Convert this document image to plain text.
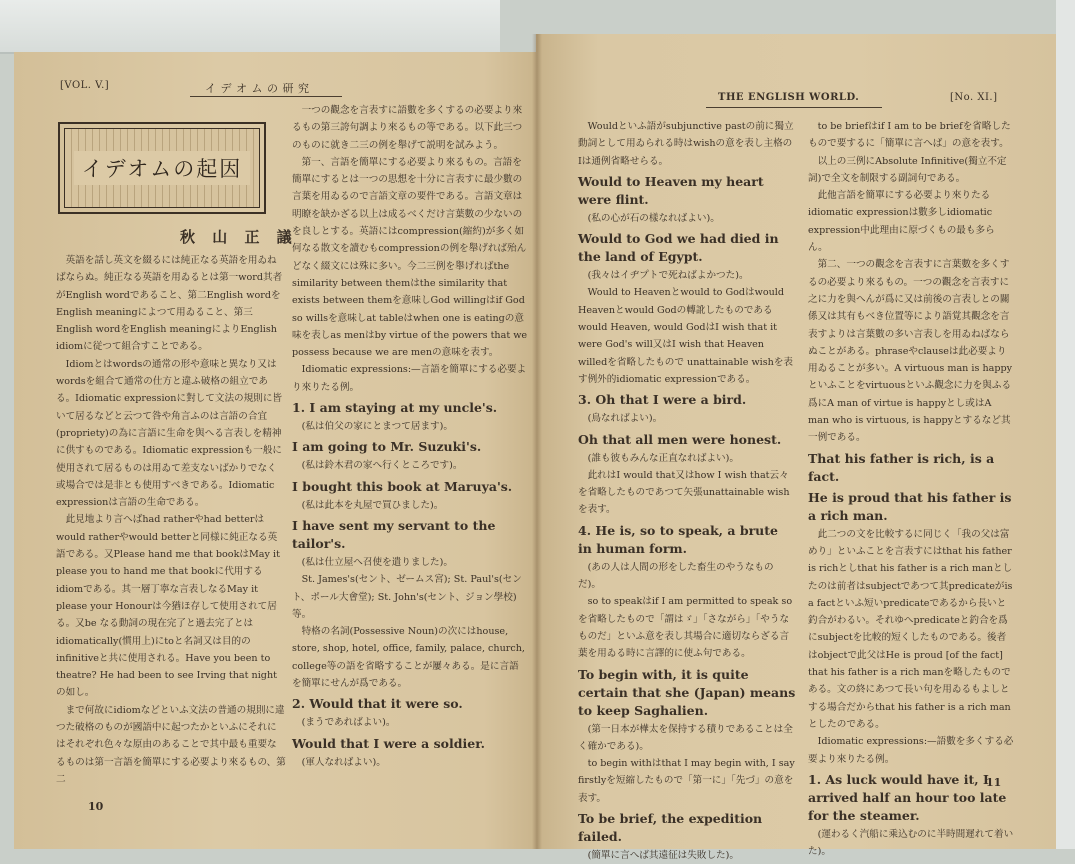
[VOL. V.]	イ デ オ ム の 研 究
イデオムの起因
秋 山 正 議

英語を話し英文を綴るには純正なる英語を用ゐねばならぬ。純正なる英語を用ゐるとは第一word其者がEnglish wordであること、第二English wordをEnglish meaningによつて用ゐること、第三English wordをEnglish meaningによりEnglish idiomに従つて組合すことである。

Idiomとはwordsの通常の形や意味と異なり又はwordsを組合て通常の仕方と違ふ破格の組立である。Idiomatic expressionに對して文法の規則に皆いて居るなどと云つて咎や角言ふのは言語の合宜(propriety)の為に言語に生命を與へる言表しを精神に供すものである。Idiomatic expressionも一般に使用されて居るものは用ゐて差支ないばかりでなく或場合では是非とも使用すべきである。Idiomatic expressionは言語の生命である。

此見地より言へばhad ratherやhad betterはwould ratherやwould betterと同様に純正なる英語である。又Please hand me that bookはMay it please you to hand me that bookに代用するidiomである。其一層丁寧な言表しなるMay it please your Honourは今猶ほ存して使用されて居る。又be なる動詞の現在完了と過去完了とはidiomatically(慣用上)にtoと名詞又は目的のinfinitiveと共に使用される。Have you been to theatre? He had been to see Irving that nightの如し。

まで何故にidiomなどといふ文法の普通の規則に違つた破格のものが國語中に起つたかといふにそれにはそれぞれ色々な原由のあることで其中最も重要なるものは第一言語を簡單にする必要より來るもの、第二

一つの觀念を言表すに語數を多くするの必要より來るもの第三誇句調より來るもの等である。以下此三つのものに就き二三の例を舉げて説明を試みよう。

第一、言語を簡單にする必要より來るもの。言語を簡單にするとは一つの思想を十分に言表すに最少數の言葉を用ゐるので言語文章の要件である。言語文章は明瞭を缺かざる以上は成るべくだけ言葉數の少ないのを良しとする。英語にはcompression(縮約)が多く如何なる散文を讀むもcompressionの例を舉げれば殆んどなく綴文には殊に多い。今二三例を舉げればthe similarity between themはthe similarity that exists between themを意味しGod willingはif God so willsを意味しat tableはwhen one is eatingの意味を表しas menはby virtue of the powers that we possess because we are menの意味を表す。

Idiomatic expressions:—言語を簡單にする必要より來りたる例。

1. I am staying at my uncle's.

(私は伯父の家にとまつて居ます)。

I am going to Mr. Suzuki's.

(私は鈴木君の家へ行くところです)。

I bought this book at Maruya's.

(私は此本を丸屋で買ひました)。

I have sent my servant to the tailor's.

(私は仕立屋へ召使を遣りました)。

St. James's(セント、ゼームス宮); St. Paul's(セント、ポール大會堂); St. John's(セント、ジョン學校)等。

特格の名詞(Possessive Noun)の次にはhouse, store, shop, hotel, office, family, palace, church, college等の語を省略することが屢々ある。是に言語を簡單にせんが爲である。

2. Would that it were so.

(まうであればよい)。

Would that I were a soldier.

(軍人なればよい)。

10
THE ENGLISH WORLD.	[No. XI.]

Wouldといふ語がsubjunctive pastの前に獨立動詞として用ゐられる時はwishの意を表し主格のIは通例省略せらる。

Would to Heaven my heart were flint.

(私の心が石の樣なればよい)。

Would to God we had died in the land of Egypt.

(我々はイヂプトで死ねばよかつた)。

Would to Heavenとwould to Godはwould Heavenとwould Godの轉訛したものであるwould Heaven, would GodはI wish that it were God's will又はI wish that Heaven willedを省略したもので unattainable wishを表す例外的idiomatic expressionである。

3. Oh that I were a bird.

(鳥なればよい)。

Oh that all men were honest.

(誰も彼もみんな正直なればよい)。

此れはI would that又はhow I wish that云々を省略したものであつて矢張unattainable wishを表す。

4. He is, so to speak, a brute in human form.

(あの人は人間の形をした畜生のやうなものだ)。

so to speakはif I am permitted to speak soを省略したもので「謂はゞ」「さながら」「やうなものだ」といふ意を表し其場合に適切ならざる言葉を用ゐる時に言譯的に使ふ句である。

To begin with, it is quite certain that she (Japan) means to keep Saghalien.

(第一日本が樺太を保持する積りであることは全く確かである)。

to begin withはthat I may begin with, I say firstlyを短縮したもので「第一に」「先づ」の意を表す。

To be brief, the expedition failed.

(簡單に言へば其遠征は失敗した)。

to be briefはif I am to be briefを省略したもので要するに「簡單に言へば」の意を表す。

以上の三例にAbsolute Infinitive(獨立不定詞)で全文を制限する副詞句である。

此他言語を簡單にする必要より來りたるidiomatic expressionは數多しidiomatic expression中此理由に原づくもの最も多らん。

第二、一つの觀念を言表すに言葉數を多くするの必要より來るもの。一つの觀念を言表すに之に力を與へんが爲に又は前後の言表しとの關係又は其有もべき位置等により語覚其觀念を言表すよりは言葉數の多い言表しを用ゐねばならぬことがある。phraseやclauseは此必要より用ゐることが多い。A virtuous man is happyといふことをvirtuousといふ觀念に力を與ふる爲にA man of virtue is happyとし或はA man who is virtuous, is happyとするなど其一例である。

That his father is rich, is a fact.

He is proud that his father is a rich man.

此二つの文を比較するに同じく「我の父は富めり」といふことを言表すにはthat his father is richとしthat his father is a rich manとしたのは前者はsubjectであつて其predicateがis a factといふ短いpredicateであるから長いと釣合がわるい。それゆへpredicateと釣合を爲にsubjectを比較的短くしたものである。後者はobjectで此父はHe is proud [of the fact] that his father is a rich manを略したものである。文の終にあつて長い句を用ゐるもよしとする場合だからthat his father is a rich manとしたのである。

Idiomatic expressions:—語數を多くする必要より來りたる例。

1. As luck would have it, I arrived half an hour too late for the steamer.

(運わるく汽船に乘込むのに半時間遲れて着いた)。

11
